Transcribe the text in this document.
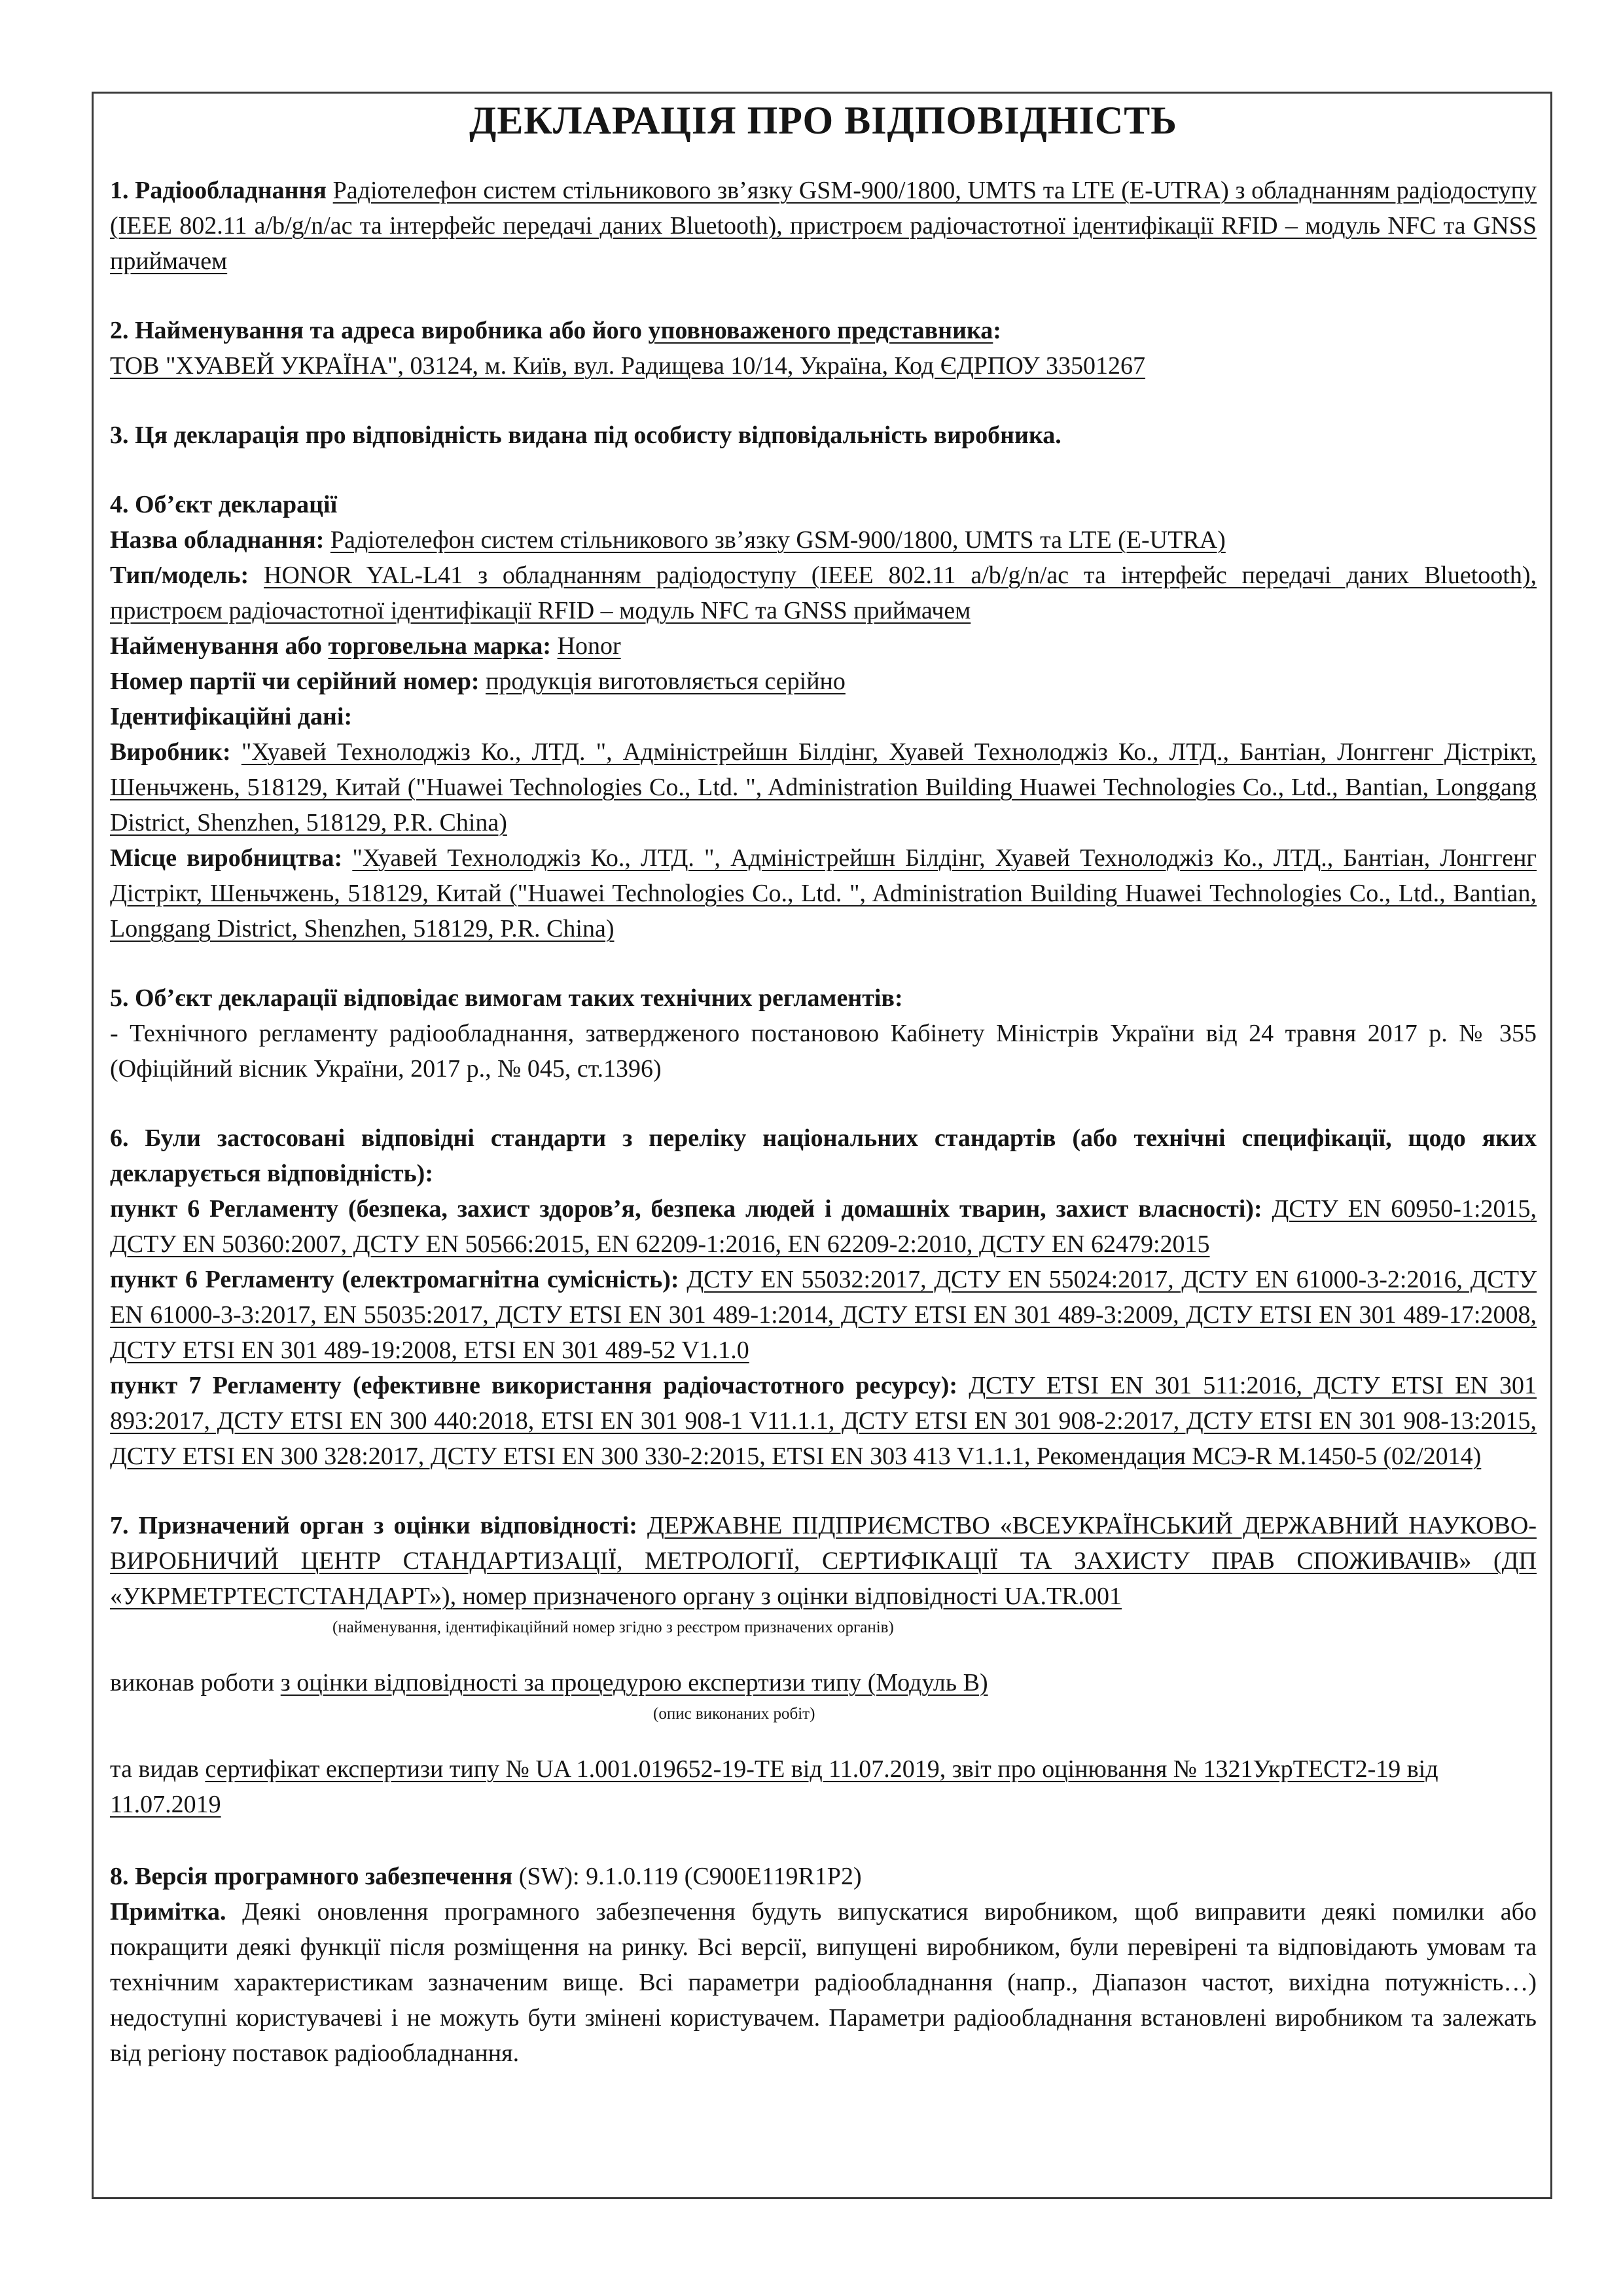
ДЕКЛАРАЦІЯ ПРО ВІДПОВІДНІСТЬ

1. Радіообладнання Радіотелефон систем стільникового зв’язку GSM-900/1800, UMTS та LTE (E-UTRA) з обладнанням радіодоступу (IEEE 802.11 a/b/g/n/ac та інтерфейс передачі даних Bluetooth), пристроєм радіочастотної ідентифікації RFID – модуль NFC та GNSS приймачем

2. Найменування та адреса виробника або його уповноваженого представника:
ТОВ "ХУАВЕЙ УКРАЇНА", 03124, м. Київ, вул. Радищева 10/14, Україна, Код ЄДРПОУ 33501267

3. Ця декларація про відповідність видана під особисту відповідальність виробника.

4. Об’єкт декларації

Назва обладнання: Радіотелефон систем стільникового зв’язку GSM-900/1800, UMTS та LTE (E-UTRA)

Тип/модель: HONOR YAL-L41 з обладнанням радіодоступу (IEEE 802.11 a/b/g/n/ac та інтерфейс передачі даних Bluetooth), пристроєм радіочастотної ідентифікації RFID – модуль NFC та GNSS приймачем

Найменування або торговельна марка: Honor

Номер партії чи серійний номер: продукція виготовляється серійно

Ідентифікаційні дані:

Виробник: "Хуавей Технолоджіз Ко., ЛТД. ", Адміністрейшн Білдінг, Хуавей Технолоджіз Ко., ЛТД., Бантіан, Лонггенг Дістрікт, Шеньчжень, 518129, Китай ("Huawei Technologies Co., Ltd. ", Administration Building Huawei Technologies Co., Ltd., Bantian, Longgang District, Shenzhen, 518129, P.R. China)

Місце виробництва: "Хуавей Технолоджіз Ко., ЛТД. ", Адміністрейшн Білдінг, Хуавей Технолоджіз Ко., ЛТД., Бантіан, Лонггенг Дістрікт, Шеньчжень, 518129, Китай ("Huawei Technologies Co., Ltd. ", Administration Building Huawei Technologies Co., Ltd., Bantian, Longgang District, Shenzhen, 518129, P.R. China)

5. Об’єкт декларації відповідає вимогам таких технічних регламентів:

- Технічного регламенту радіообладнання, затвердженого постановою Кабінету Міністрів України від 24 травня 2017 р. № 355 (Офіційний вісник України, 2017 р., № 045, ст.1396)

6. Були застосовані відповідні стандарти з переліку національних стандартів (або технічні специфікації, щодо яких декларується відповідність):

пункт 6 Регламенту (безпека, захист здоров’я, безпека людей і домашніх тварин, захист власності): ДСТУ EN 60950-1:2015, ДСТУ EN 50360:2007, ДСТУ EN 50566:2015, EN 62209-1:2016, EN 62209-2:2010, ДСТУ EN 62479:2015

пункт 6 Регламенту (електромагнітна сумісність): ДСТУ EN 55032:2017, ДСТУ EN 55024:2017, ДСТУ EN 61000-3-2:2016, ДСТУ EN 61000-3-3:2017, EN 55035:2017, ДСТУ ETSI EN 301 489-1:2014, ДСТУ ETSI EN 301 489-3:2009, ДСТУ ETSI EN 301 489-17:2008, ДСТУ ETSI EN 301 489-19:2008, ETSI EN 301 489-52 V1.1.0

пункт 7 Регламенту (ефективне використання радіочастотного ресурсу): ДСТУ ETSI EN 301 511:2016, ДСТУ ETSI EN 301 893:2017, ДСТУ ETSI EN 300 440:2018, ETSI EN 301 908-1 V11.1.1, ДСТУ ETSI EN 301 908-2:2017, ДСТУ ETSI EN 301 908-13:2015, ДСТУ ETSI EN 300 328:2017, ДСТУ ETSI EN 300 330-2:2015, ETSI EN 303 413 V1.1.1, Рекомендация МСЭ-R M.1450-5 (02/2014)

7. Призначений орган з оцінки відповідності: ДЕРЖАВНЕ ПІДПРИЄМСТВО «ВСЕУКРАЇНСЬКИЙ ДЕРЖАВНИЙ НАУКОВО-ВИРОБНИЧИЙ ЦЕНТР СТАНДАРТИЗАЦІЇ, МЕТРОЛОГІЇ, СЕРТИФІКАЦІЇ ТА ЗАХИСТУ ПРАВ СПОЖИВАЧІВ» (ДП «УКРМЕТРТЕСТСТАНДАРТ»), номер призначеного органу з оцінки відповідності UA.TR.001

(найменування, ідентифікаційний номер згідно з реєстром призначених органів)

виконав роботи з оцінки відповідності за процедурою експертизи типу (Модуль В)

(опис виконаних робіт)

та видав сертифікат експертизи типу № UA 1.001.019652-19-TE від 11.07.2019, звіт про оцінювання № 1321УкрТЕСТ2-19 від 11.07.2019

8. Версія програмного забезпечення (SW): 9.1.0.119 (C900E119R1P2)

Примітка. Деякі оновлення програмного забезпечення будуть випускатися виробником, щоб виправити деякі помилки або покращити деякі функції після розміщення на ринку. Всі версії, випущені виробником, були перевірені та відповідають умовам та технічним характеристикам зазначеним вище. Всі параметри радіообладнання (напр., Діапазон частот, вихідна потужність…) недоступні користувачеві і не можуть бути змінені користувачем. Параметри радіообладнання встановлені виробником та залежать від регіону поставок радіообладнання.
